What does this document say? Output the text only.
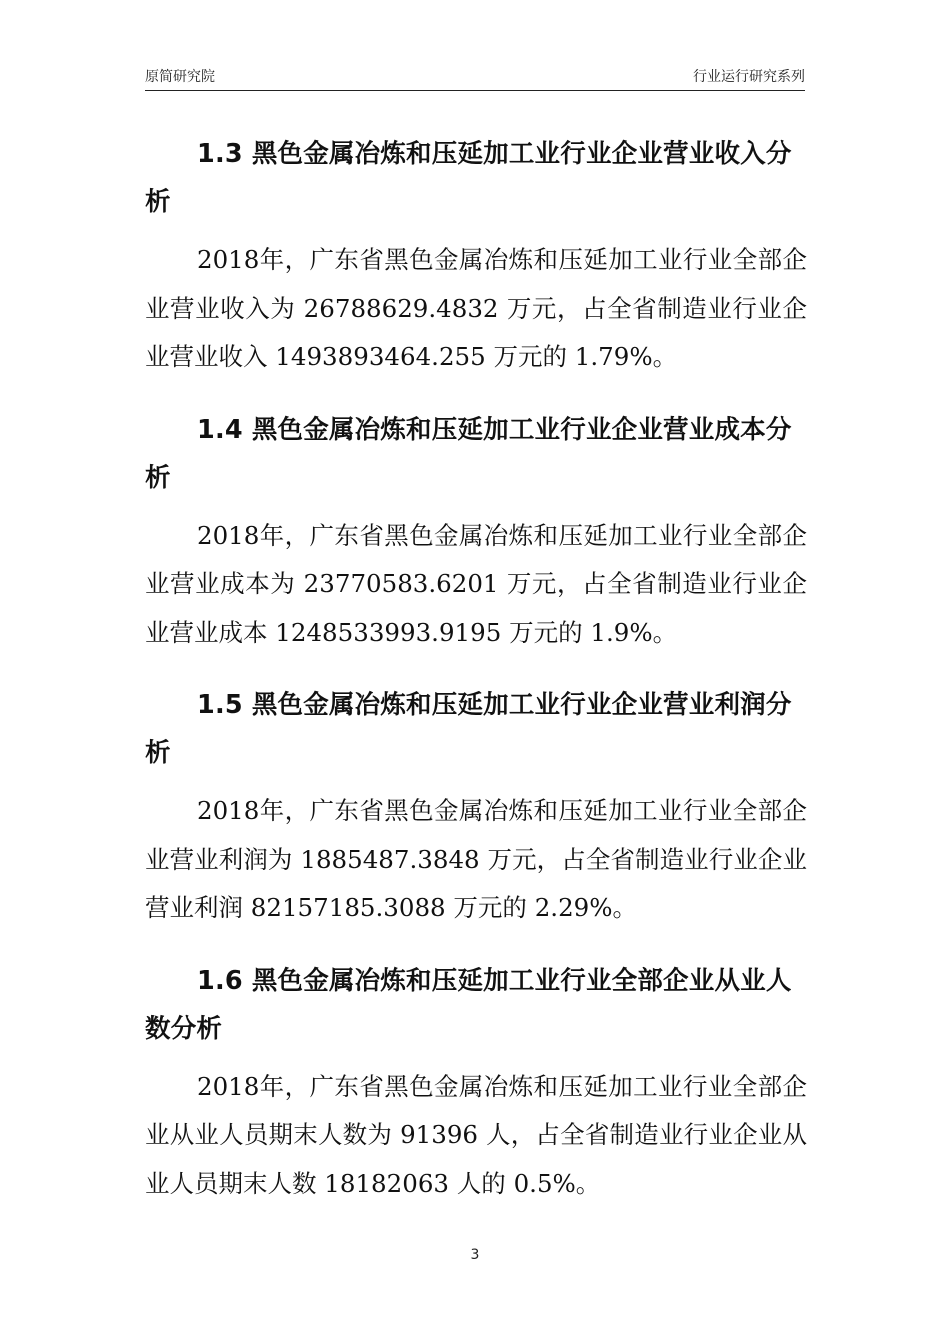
原简研究院	行业运行研究系列
1.3 黑色金属冶炼和压延加工业行业企业营业收入分析

2018年，广东省黑色金属冶炼和压延加工业行业全部企业营业收入为 26788629.4832 万元，占全省制造业行业企业营业收入 1493893464.255 万元的 1.79%。

1.4 黑色金属冶炼和压延加工业行业企业营业成本分析

2018年，广东省黑色金属冶炼和压延加工业行业全部企业营业成本为 23770583.6201 万元，占全省制造业行业企业营业成本 1248533993.9195 万元的 1.9%。

1.5 黑色金属冶炼和压延加工业行业企业营业利润分析

2018年，广东省黑色金属冶炼和压延加工业行业全部企业营业利润为 1885487.3848 万元，占全省制造业行业企业营业利润 82157185.3088 万元的 2.29%。

1.6 黑色金属冶炼和压延加工业行业全部企业从业人数分析

2018年，广东省黑色金属冶炼和压延加工业行业全部企业从业人员期末人数为 91396 人，占全省制造业行业企业从业人员期末人数 18182063 人的 0.5%。

3
